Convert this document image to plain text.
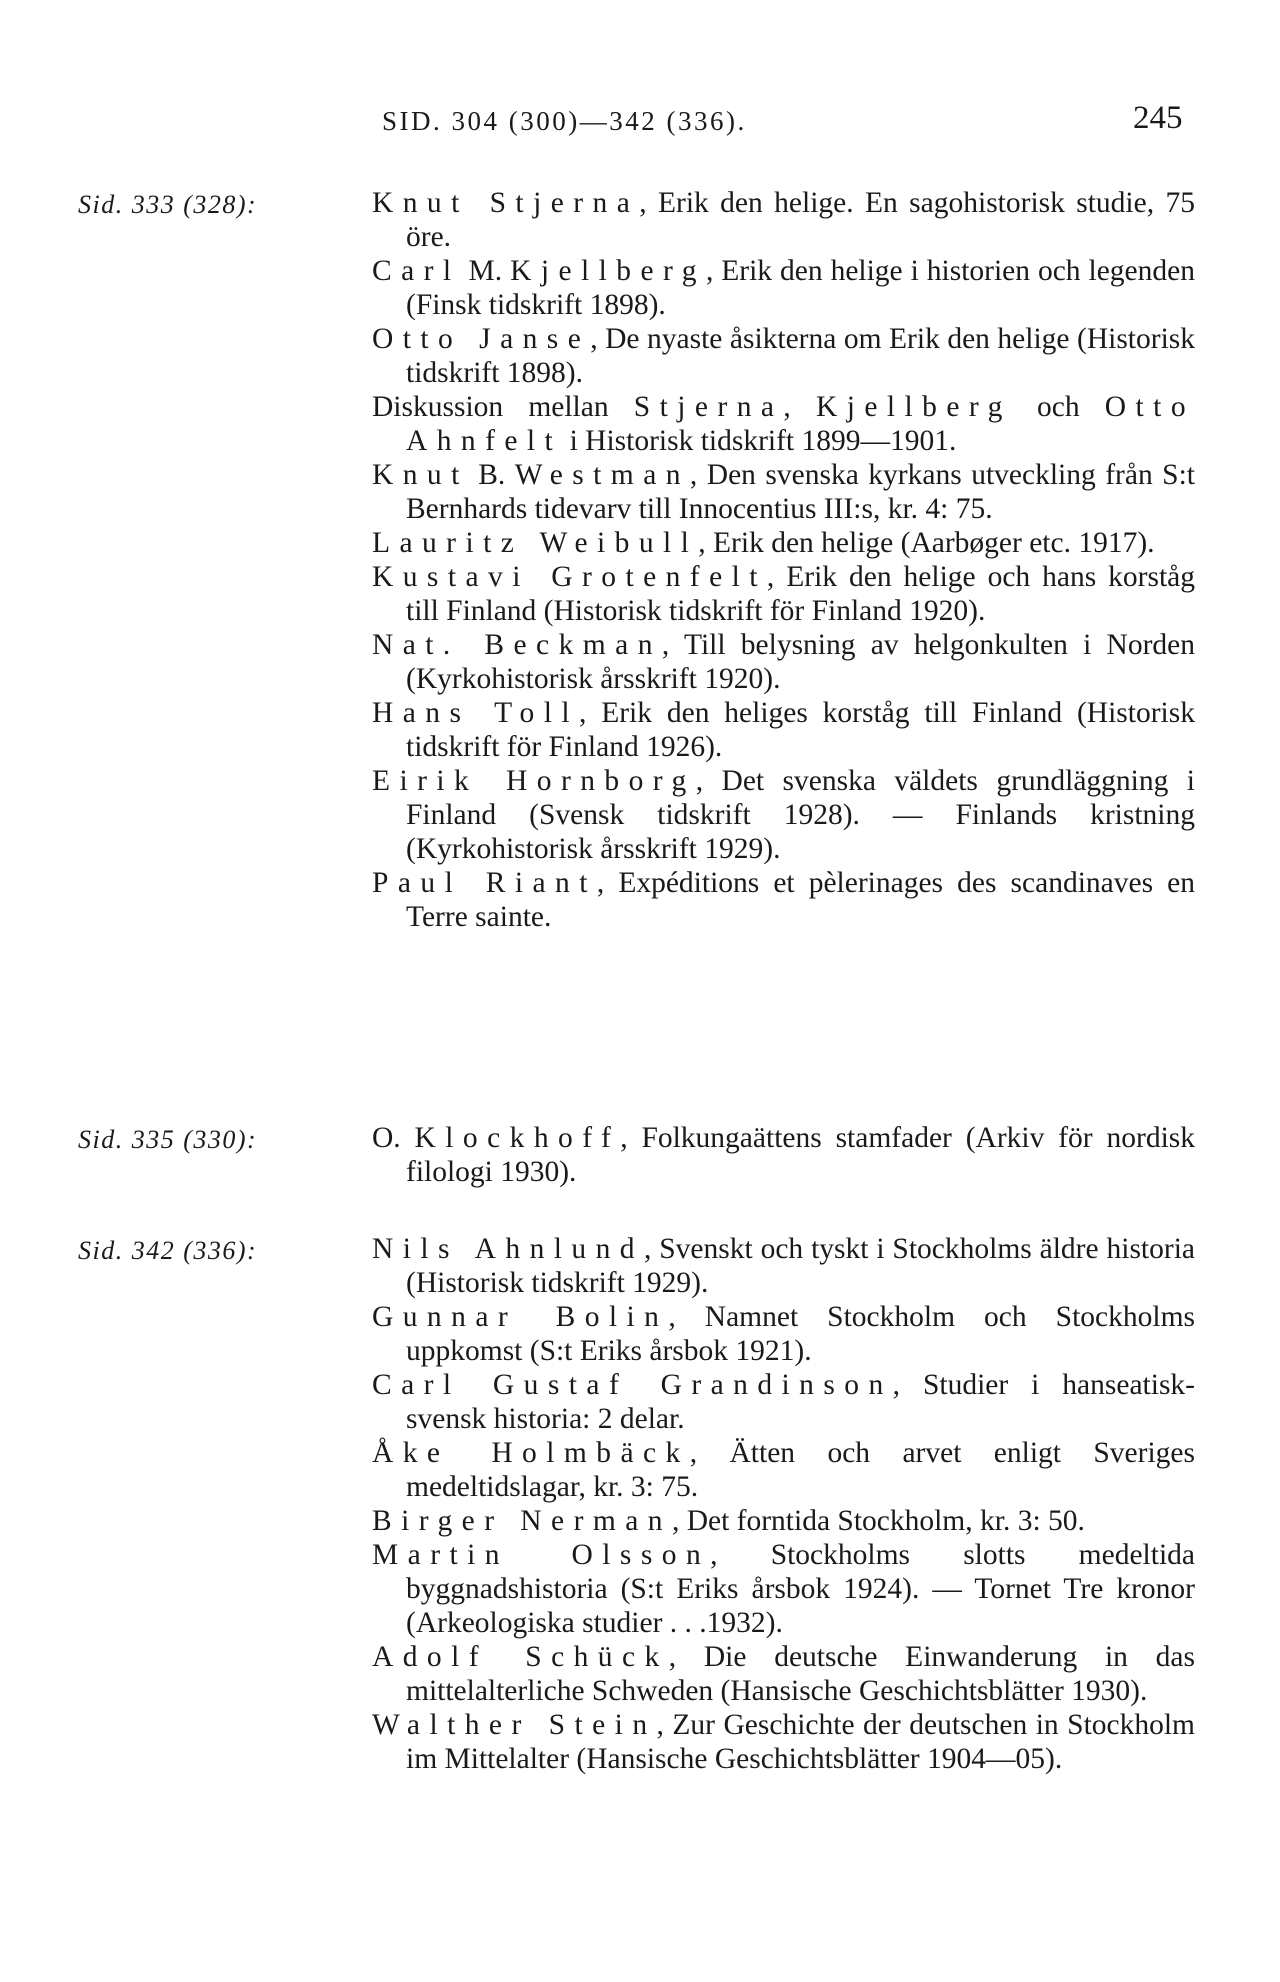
SID. 304 (300)—342 (336).	245
Sid. 333 (328):	Knut Stjerna, Erik den helige. En sagohistorisk studie, 75 öre.
Carl M. Kjellberg, Erik den helige i historien och legenden (Finsk tidskrift 1898).
Otto Janse, De nyaste åsikterna om Erik den helige (Historisk tidskrift 1898).
Diskussion mellan Stjerna, Kjellberg och Otto Ahnfelt i Historisk tidskrift 1899—1901.
Knut B. Westman, Den svenska kyrkans utveckling från S:t Bernhards tidevarv till Innocentius III:s, kr. 4: 75.
Lauritz Weibull, Erik den helige (Aarbøger etc. 1917).
Kustavi Grotenfelt, Erik den helige och hans korståg till Finland (Historisk tidskrift för Finland 1920).
Nat. Beckman, Till belysning av helgonkulten i Norden (Kyrkohistorisk årsskrift 1920).
Hans Toll, Erik den heliges korståg till Finland (Historisk tidskrift för Finland 1926).
Eirik Hornborg, Det svenska väldets grundläggning i Finland (Svensk tidskrift 1928). — Finlands kristning (Kyrkohistorisk årsskrift 1929).
Paul Riant, Expéditions et pèlerinages des scandinaves en Terre sainte.
Sid. 335 (330):	O. Klockhoff, Folkungaättens stamfader (Arkiv för nordisk filologi 1930).
Sid. 342 (336):	Nils Ahnlund, Svenskt och tyskt i Stockholms äldre historia (Historisk tidskrift 1929).
Gunnar Bolin, Namnet Stockholm och Stockholms uppkomst (S:t Eriks årsbok 1921).
Carl Gustaf Grandinson, Studier i hanseatisk-svensk historia: 2 delar.
Åke Holmbäck, Ätten och arvet enligt Sveriges medeltidslagar, kr. 3: 75.
Birger Nerman, Det forntida Stockholm, kr. 3: 50.
Martin Olsson, Stockholms slotts medeltida byggnadshistoria (S:t Eriks årsbok 1924). — Tornet Tre kronor (Arkeologiska studier . . .1932).
Adolf Schück, Die deutsche Einwanderung in das mittelalterliche Schweden (Hansische Geschichtsblätter 1930).
Walther Stein, Zur Geschichte der deutschen in Stockholm im Mittelalter (Hansische Geschichtsblätter 1904—05).
